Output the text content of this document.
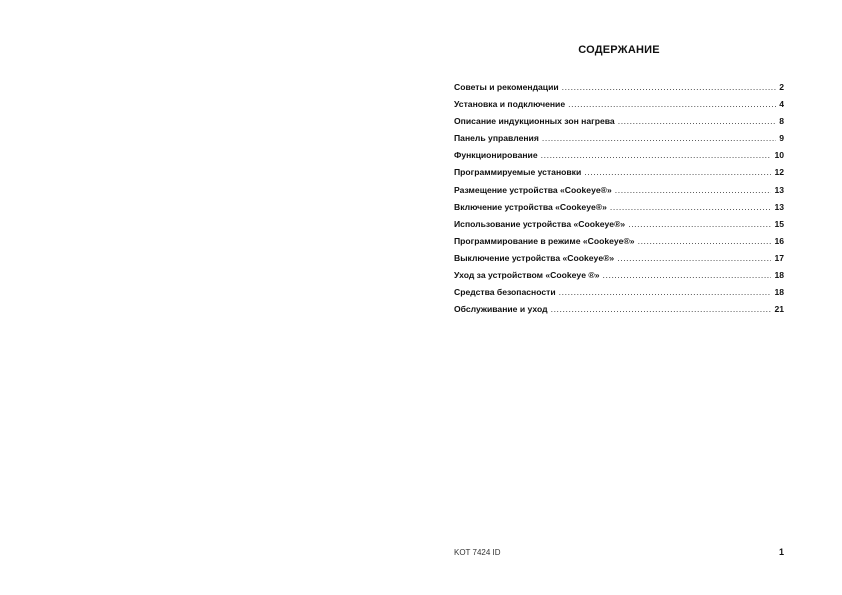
СОДЕРЖАНИЕ
Советы и рекомендации .....	2
Установка и подключение .....	4
Описание индукционных зон нагрева .....	8
Панель управления .....	9
Функционирование .....	10
Программируемые установки .....	12
Размещение устройства «Cookeye®» .....	13
Включение устройства «Cookeye®» .....	13
Использование устройства «Cookeye®» .....	15
Программирование в режиме «Cookeye®» .....	16
Выключение устройства «Cookeye®» .....	17
Уход за устройством «Cookeye ®» .....	18
Средства безопасности .....	18
Обслуживание и уход .....	21
KOT 7424 ID	1
